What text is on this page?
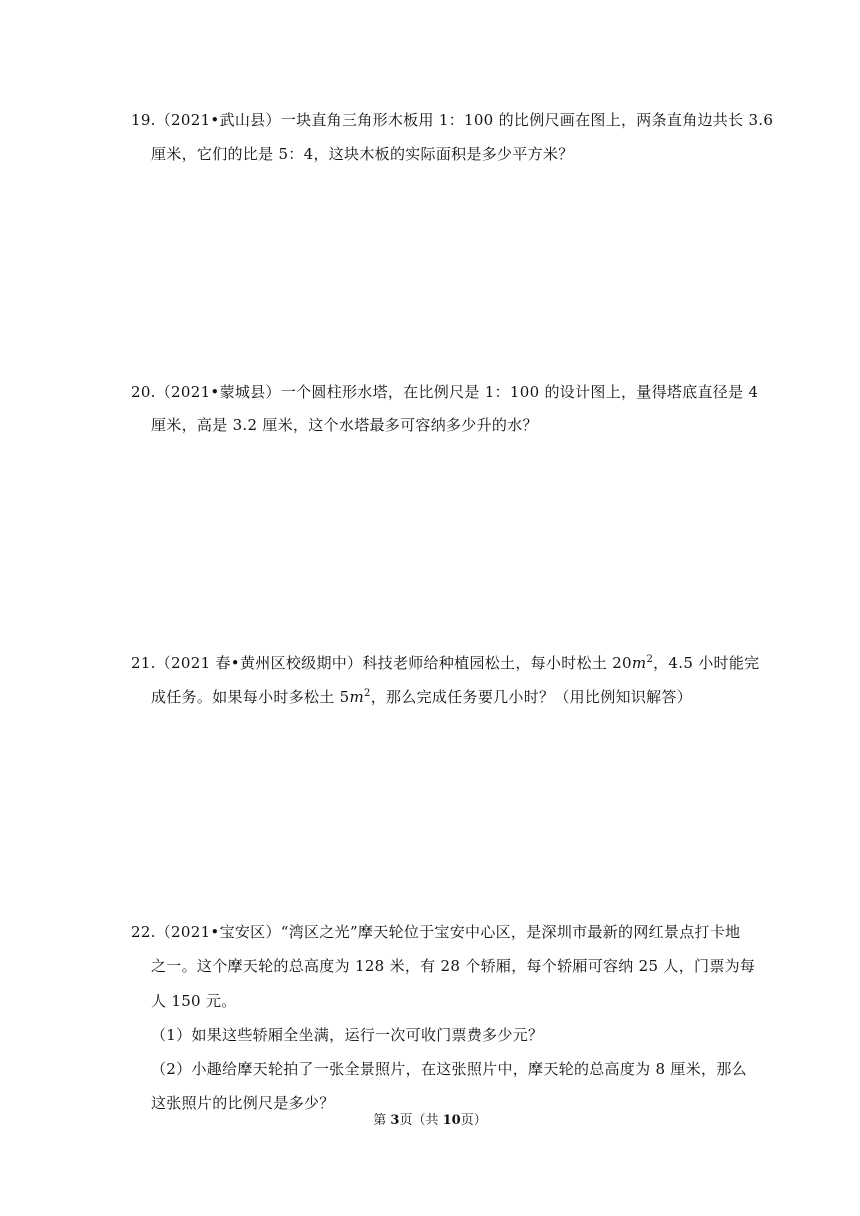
19.（2021•武山县）一块直角三角形木板用 1：100 的比例尺画在图上，两条直角边共长 3.6
厘米，它们的比是 5：4，这块木板的实际面积是多少平方米？
20.（2021•蒙城县）一个圆柱形水塔，在比例尺是 1：100 的设计图上，量得塔底直径是 4
厘米，高是 3.2 厘米，这个水塔最多可容纳多少升的水？
21.（2021 春•黄州区校级期中）科技老师给种植园松土，每小时松土 $20m^2$，4.5 小时能完
成任务。如果每小时多松土 $5m^2$，那么完成任务要几小时？（用比例知识解答）
22.（2021•宝安区）“湾区之光”摩天轮位于宝安中心区，是深圳市最新的网红景点打卡地
之一。这个摩天轮的总高度为 128 米，有 28 个轿厢，每个轿厢可容纳 25 人，门票为每
人 150 元。
（1）如果这些轿厢全坐满，运行一次可收门票费多少元？
（2）小趣给摩天轮拍了一张全景照片，在这张照片中，摩天轮的总高度为 8 厘米，那么
这张照片的比例尺是多少？
第 3页（共 10页）
